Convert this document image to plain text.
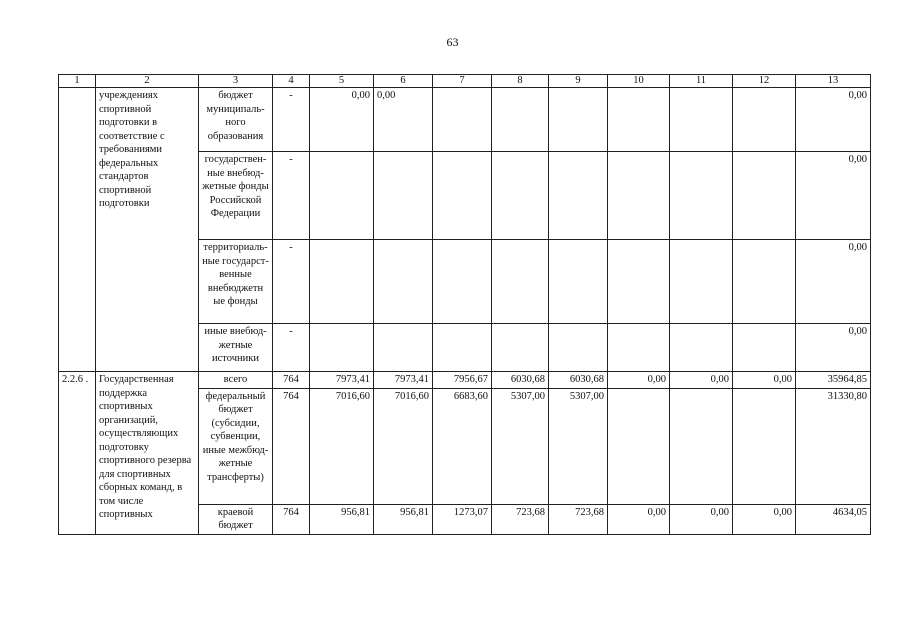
63
1	2	3	4	5	6	7	8	9	10	11	12	13
	учреждениях спортивной подготовки в соответствие с требованиями федеральных стандартов спортивной подготовки	бюджет муниципаль-ного образования	-	0,00	0,00							0,00
		государствен-ные внебюд-жетные фонды Российской Федерации	-									0,00
		территориаль-ные государст-венные внебюджетн ые фонды	-									0,00
		иные внебюд-жетные источники	-									0,00
2.2.6 .	Государственная поддержка спортивных организаций, осуществляющих подготовку спортивного резерва для спортивных сборных команд, в том числе спортивных	всего	764	7973,41	7973,41	7956,67	6030,68	6030,68	0,00	0,00	0,00	35964,85
		федеральный бюджет (субсидии, субвенции, иные межбюд-жетные трансферты)	764	7016,60	7016,60	6683,60	5307,00	5307,00				31330,80
		краевой бюджет	764	956,81	956,81	1273,07	723,68	723,68	0,00	0,00	0,00	4634,05
